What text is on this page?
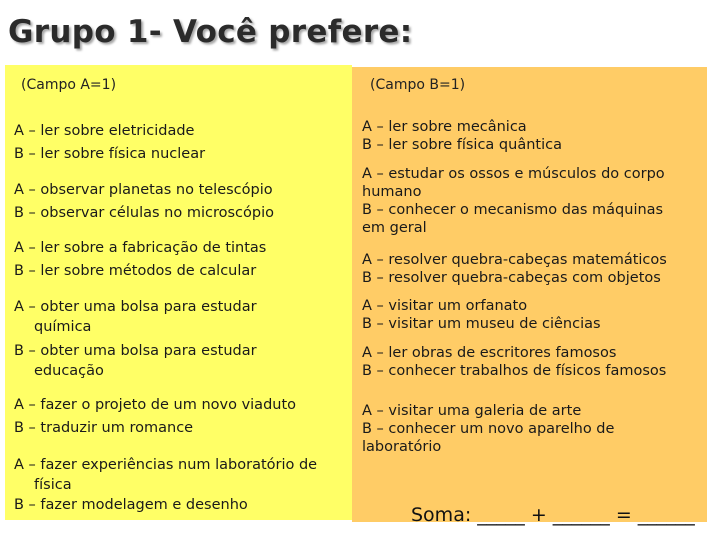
Grupo 1- Você prefere:
(Campo A=1)	(Campo B=1)
A – ler sobre eletricidade
B – ler sobre física nuclear
A – observar planetas no telescópio
B – observar células no microscópio
A – ler sobre a fabricação de tintas
B – ler sobre métodos de calcular
A – obter uma bolsa para estudar
química
B – obter uma bolsa para estudar
educação
A – fazer o projeto de um novo viaduto
B – traduzir um romance
A – fazer experiências num laboratório de
física
B – fazer modelagem e desenho
A – ler sobre mecânica
B – ler sobre física quântica
A – estudar os ossos e músculos do corpo
humano
B – conhecer o mecanismo das máquinas
em geral
A – resolver quebra-cabeças matemáticos
B – resolver quebra-cabeças com objetos
A – visitar um orfanato
B – visitar um museu de ciências
A – ler obras de escritores famosos
B – conhecer trabalhos de físicos famosos
A – visitar uma galeria de arte
B – conhecer um novo aparelho de
laboratório
Soma: _____ + ______ = ______
